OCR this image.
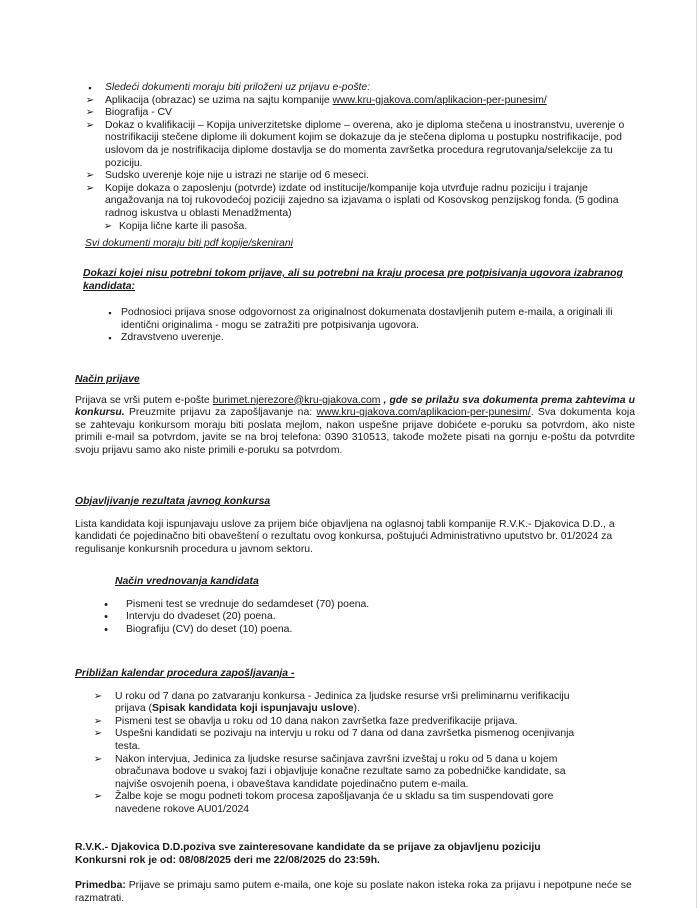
▪
Sledeći dokumenti moraju biti priloženi uz prijavu e-pošte:
➢
Aplikacija (obrazac) se uzima na sajtu kompanije www.kru-gjakova.com/aplikacion-per-punesim/
➢
Biografija - CV
➢
Dokaz o kvalifikaciji – Kopija univerzitetske diplome – overena, ako je diploma stečena u inostranstvu, uverenje o nostrifikaciji stečene diplome ili dokument kojim se dokazuje da je stečena diploma u postupku nostrifikacije, pod uslovom da je nostrifikacija diplome dostavlja se do momenta završetka procedura regrutovanja/selekcije za tu poziciju.
➢
Sudsko uverenje koje nije u istrazi ne starije od 6 meseci.
➢
Kopije dokaza o zaposlenju (potvrde) izdate od institucije/kompanije koja utvrđuje radnu poziciju i trajanje angažovanja na toj rukovodećoj poziciji zajedno sa izjavama o isplati od Kosovskog penzijskog fonda. (5 godina radnog iskustva u oblasti Menadžmenta)
➢
Kopija lične karte ili pasoša.

Svi dokumenti moraju biti pdf kopije/skenirani

Dokazi kojei nisu potrebni tokom prijave, ali su potrebni na kraju procesa pre potpisivanja ugovora izabranog kandidata:

▪
Podnosioci prijava snose odgovornost za originalnost dokumenata dostavljenih putem e-maila, a originali ili identični originalima - mogu se zatražiti pre potpisivanja ugovora.
▪
Zdravstveno uverenje.

Način prijave

Prijava se vrši putem e-pošte burimet.njerezore@kru-gjakova.com , gde se prilažu sva dokumenta prema zahtevima u konkursu. Preuzmite prijavu za zapošljavanje na: www.kru-gjakova.com/aplikacion-per-punesim/. Sva dokumenta koja se zahtevaju konkursom moraju biti poslata mejlom, nakon uspešne prijave dobićete e-poruku sa potvrdom, ako niste primili e-mail sa potvrdom, javite se na broj telefona: 0390 310513, takođe možete pisati na gornju e-poštu da potvrdite svoju prijavu samo ako niste primili e-poruku sa potvrdom.

Objavljivanje rezultata javnog konkursa

Lista kandidata koji ispunjavaju uslove za prijem biće objavljena na oglasnoj tabli kompanije R.V.K.- Djakovica D.D., a kandidati će pojedinačno biti obaveštení o rezultatu ovog konkursa, poštujući Administrativno uputstvo br. 01/2024 za regulisanje konkursnih procedura u javnom sektoru.

Način vrednovanja kandidata

•
Pismeni test se vrednuje do sedamdeset (70) poena.
•
Intervju do dvadeset (20) poena.
•
Biografiju (CV) do deset (10) poena.

Približan kalendar procedura zapošljavanja -

➢
U roku od 7 dana po zatvaranju konkursa - Jedinica za ljudske resurse vrši preliminarnu verifikaciju prijava (Spisak kandidata koji ispunjavaju uslove).
➢
Pismeni test se obavlja u roku od 10 dana nakon završetka faze predverifikacije prijava.
➢
Uspešni kandidati se pozivaju na intervju u roku od 7 dana od dana završetka pismenog ocenjivanja testa.
➢
Nakon intervjua, Jedinica za ljudske resurse sačinjava završni izveštaj u roku od 5 dana u kojem obračunava bodove u svakoj fazi i objavljuje konačne rezultate samo za pobedničke kandidate, sa najviše osvojenih poena, i obaveštava kandidate pojedinačno putem e-maila.
➢
Žalbe koje se mogu podneti tokom procesa zapošljavanja će u skladu sa tim suspendovati gore navedene rokove AU01/2024

R.V.K.- Djakovica D.D.poziva sve zainteresovane kandidate da se prijave za objavljenu poziciju

Konkursni rok je od: 08/08/2025 deri me 22/08/2025 do 23:59h.

Primedba: Prijave se primaju samo putem e-maila, one koje su poslate nakon isteka roka za prijavu i nepotpune neće se razmatrati.
